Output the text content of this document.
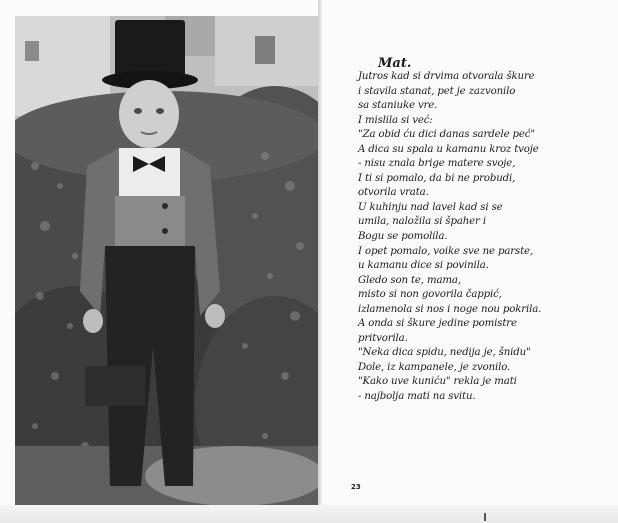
Mat.
Jutros kad si drvima otvorala škure
i stavila stanat, pet je zazvonilo
sa staniuke vre.
I mislila si već:
"Za obid ću dici danas sardele peć"
A dica su spala u kamanu kroz tvoje
- nisu znala brige matere svoje,
I ti si pomalo, da bi ne probudi,
otvorila vrata.
U kuhinju nad lavel kad si se
umila, naložila si špaher i
Bogu se pomolila.
I opet pomalo, voike sve ne parste,
u kamanu dice si povinila.
Gledo son te, mama,
misto si non govorila čappić,
izlamenola si nos i noge nou pokrila.
A onda si škure jedine pomistre
pritvorila.
"Neka dica spidu, nedija je, šnidu"
Dole, iz kampanele, je zvonilo.
"Kako uve kuniću" rekla je mati
- najbolja mati na svitu.
23
